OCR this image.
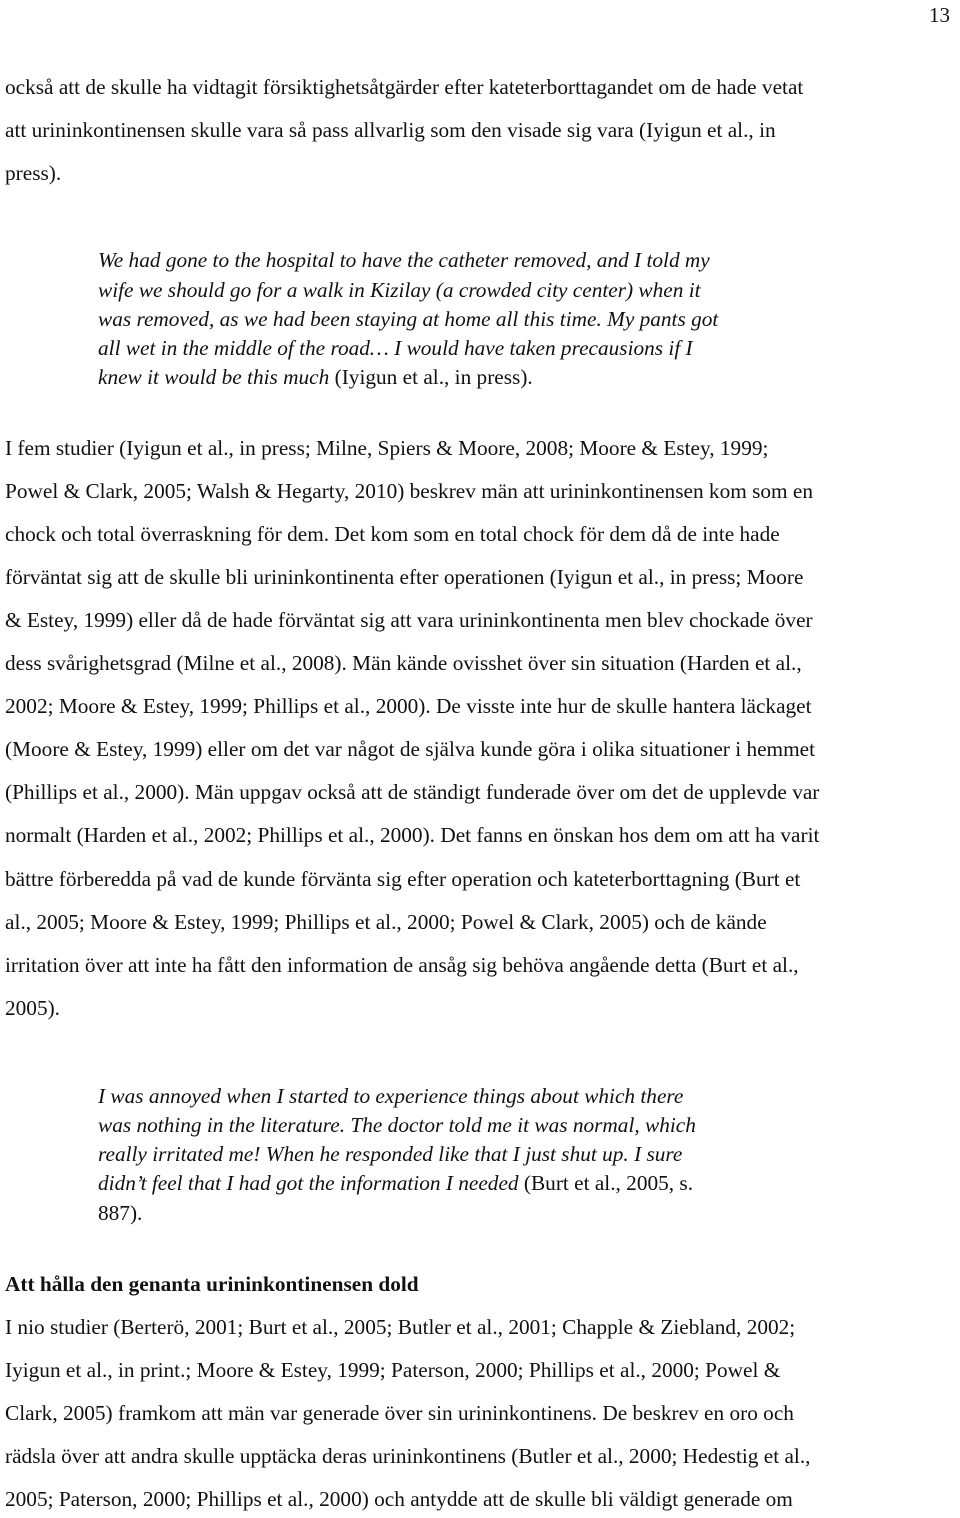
13
också att de skulle ha vidtagit försiktighetsåtgärder efter kateterborttagandet om de hade vetat
att urininkontinensen skulle vara så pass allvarlig som den visade sig vara (Iyigun et al., in
press).
We had gone to the hospital to have the catheter removed, and I told my
wife we should go for a walk in Kizilay (a crowded city center) when it
was removed, as we had been staying at home all this time. My pants got
all wet in the middle of the road… I would have taken precausions if I
knew it would be this much (Iyigun et al., in press).
I fem studier (Iyigun et al., in press; Milne, Spiers & Moore, 2008; Moore & Estey, 1999;
Powel & Clark, 2005; Walsh & Hegarty, 2010) beskrev män att urininkontinensen kom som en
chock och total överraskning för dem. Det kom som en total chock för dem då de inte hade
förväntat sig att de skulle bli urininkontinenta efter operationen (Iyigun et al., in press; Moore
& Estey, 1999) eller då de hade förväntat sig att vara urininkontinenta men blev chockade över
dess svårighetsgrad (Milne et al., 2008). Män kände ovisshet över sin situation (Harden et al.,
2002; Moore & Estey, 1999; Phillips et al., 2000). De visste inte hur de skulle hantera läckaget
(Moore & Estey, 1999) eller om det var något de själva kunde göra i olika situationer i hemmet
(Phillips et al., 2000). Män uppgav också att de ständigt funderade över om det de upplevde var
normalt (Harden et al., 2002; Phillips et al., 2000). Det fanns en önskan hos dem om att ha varit
bättre förberedda på vad de kunde förvänta sig efter operation och kateterborttagning (Burt et
al., 2005; Moore & Estey, 1999; Phillips et al., 2000; Powel & Clark, 2005) och de kände
irritation över att inte ha fått den information de ansåg sig behöva angående detta (Burt et al.,
2005).
I was annoyed when I started to experience things about which there
was nothing in the literature. The doctor told me it was normal, which
really irritated me! When he responded like that I just shut up. I sure
didn’t feel that I had got the information I needed (Burt et al., 2005, s.
887).
Att hålla den genanta urininkontinensen dold
I nio studier (Berterö, 2001; Burt et al., 2005; Butler et al., 2001; Chapple & Ziebland, 2002;
Iyigun et al., in print.; Moore & Estey, 1999; Paterson, 2000; Phillips et al., 2000; Powel &
Clark, 2005) framkom att män var generade över sin urininkontinens. De beskrev en oro och
rädsla över att andra skulle upptäcka deras urininkontinens (Butler et al., 2000; Hedestig et al.,
2005; Paterson, 2000; Phillips et al., 2000) och antydde att de skulle bli väldigt generade om
